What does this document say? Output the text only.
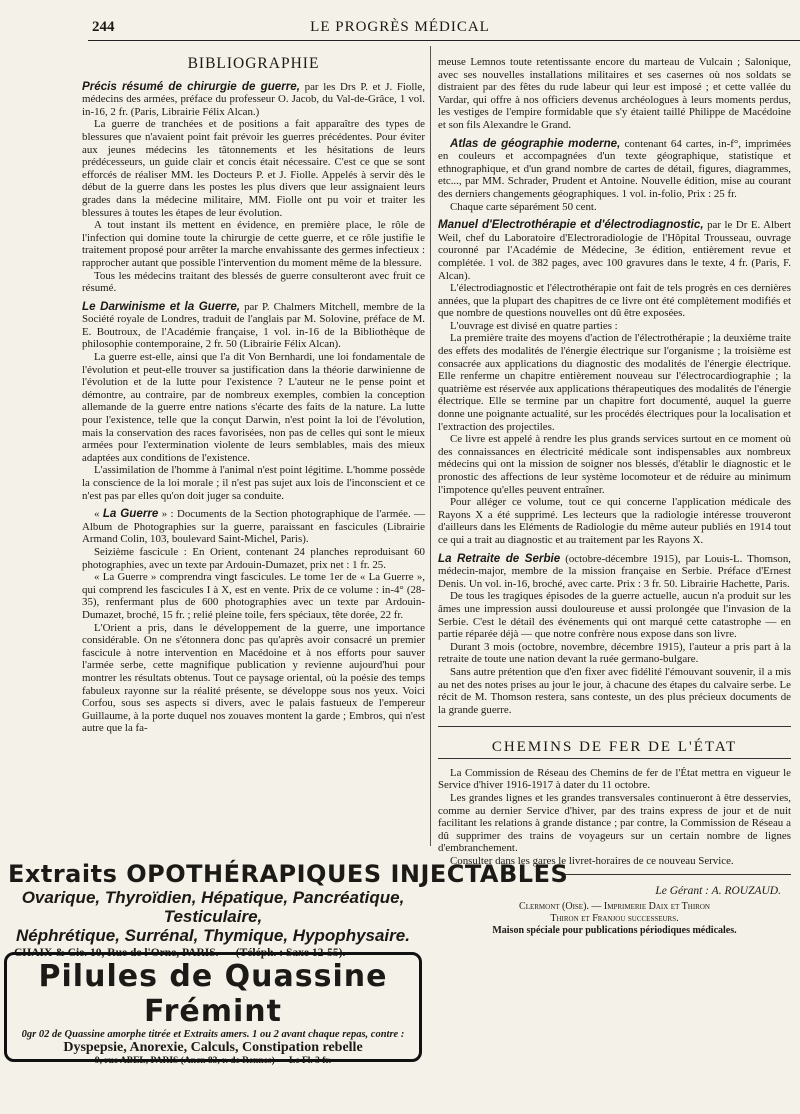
244	LE PROGRÈS MÉDICAL
BIBLIOGRAPHIE

Précis résumé de chirurgie de guerre, par les Drs P. et J. Fiolle, médecins des armées, préface du professeur O. Jacob, du Val-de-Grâce, 1 vol. in-16, 2 fr. (Paris, Librairie Félix Alcan.)

La guerre de tranchées et de positions a fait apparaître des types de blessures que n'avaient point fait prévoir les guerres précédentes. Pour éviter aux jeunes médecins les tâtonnements et les hésitations de leurs prédécesseurs, un guide clair et concis était nécessaire. C'est ce que se sont efforcés de réaliser MM. les Docteurs P. et J. Fiolle. Appelés à servir dès le début de la guerre dans les postes les plus divers que leur assignaient leurs grades dans la médecine militaire, MM. Fiolle ont pu voir et traiter les blessures à toutes les étapes de leur évolution.

A tout instant ils mettent en évidence, en première place, le rôle de l'infection qui domine toute la chirurgie de cette guerre, et ce rôle justifie le traitement proposé pour arrêter la marche envahissante des germes infectieux : rapprocher autant que possible l'intervention du moment même de la blessure.

Tous les médecins traitant des blessés de guerre consulteront avec fruit ce résumé.

Le Darwinisme et la Guerre, par P. Chalmers Mitchell, membre de la Société royale de Londres, traduit de l'anglais par M. Solovine, préface de M. E. Boutroux, de l'Académie française, 1 vol. in-16 de la Bibliothèque de philosophie contemporaine, 2 fr. 50 (Librairie Félix Alcan).

La guerre est-elle, ainsi que l'a dit Von Bernhardi, une loi fondamentale de l'évolution et peut-elle trouver sa justification dans la théorie darwinienne de l'évolution et de la lutte pour l'existence ? L'auteur ne le pense point et démontre, au contraire, par de nombreux exemples, combien la conception allemande de la guerre entre nations s'écarte des faits de la nature. La lutte pour l'existence, telle que la conçut Darwin, n'est point la loi de l'évolution, mais la conservation des races favorisées, non pas de celles qui sont le mieux armées pour l'extermination violente de leurs semblables, mais des mieux adaptées aux conditions de l'existence.

L'assimilation de l'homme à l'animal n'est point légitime. L'homme possède la conscience de la loi morale ; il n'est pas sujet aux lois de l'inconscient et ce n'est pas par elles qu'on doit juger sa conduite.

« La Guerre » : Documents de la Section photographique de l'armée. — Album de Photographies sur la guerre, paraissant en fascicules (Librairie Armand Colin, 103, boulevard Saint-Michel, Paris).

Seizième fascicule : En Orient, contenant 24 planches reproduisant 60 photographies, avec un texte par Ardouin-Dumazet, prix net : 1 fr. 25.

« La Guerre » comprendra vingt fascicules. Le tome 1er de « La Guerre », qui comprend les fascicules I à X, est en vente. Prix de ce volume : in-4° (28-35), renfermant plus de 600 photographies avec un texte par Ardouin-Dumazet, broché, 15 fr. ; relié pleine toile, fers spéciaux, tête dorée, 22 fr.

L'Orient a pris, dans le développement de la guerre, une importance considérable. On ne s'étonnera donc pas qu'après avoir consacré un premier fascicule à notre intervention en Macédoine et à nos efforts pour sauver l'armée serbe, cette magnifique publication y revienne aujourd'hui pour montrer les résultats obtenus. Tout ce paysage oriental, où la poésie des temps fabuleux rayonne sur la réalité présente, se développe sous nos yeux. Voici Corfou, sous ses aspects si divers, avec le palais fastueux de l'empereur Guillaume, à la porte duquel nos zouaves montent la garde ; Embros, qui n'est autre que la fa-

meuse Lemnos toute retentissante encore du marteau de Vulcain ; Salonique, avec ses nouvelles installations militaires et ses casernes où nos soldats se distraient par des fêtes du rude labeur qui leur est imposé ; et cette vallée du Vardar, qui offre à nos officiers devenus archéologues à leurs moments perdus, les vestiges de l'empire formidable que s'y étaient taillé Philippe de Macédoine et son fils Alexandre le Grand.

Atlas de géographie moderne, contenant 64 cartes, in-f°, imprimées en couleurs et accompagnées d'un texte géographique, statistique et ethnographique, et d'un grand nombre de cartes de détail, figures, diagrammes, etc..., par MM. Schrader, Prudent et Antoine. Nouvelle édition, mise au courant des derniers changements géographiques. 1 vol. in-folio, Prix : 25 fr.

Chaque carte séparément 50 cent.

Manuel d'Electrothérapie et d'électrodiagnostic, par le Dr E. Albert Weil, chef du Laboratoire d'Electroradiologie de l'Hôpital Trousseau, ouvrage couronné par l'Académie de Médecine, 3e édition, entièrement revue et complétée. 1 vol. de 382 pages, avec 100 gravures dans le texte, 4 fr. (Paris, F. Alcan).

L'électrodiagnostic et l'électrothérapie ont fait de tels progrès en ces dernières années, que la plupart des chapitres de ce livre ont été complètement modifiés et que nombre de questions nouvelles ont dû être exposées.

L'ouvrage est divisé en quatre parties :

La première traite des moyens d'action de l'électrothérapie ; la deuxième traite des effets des modalités de l'énergie électrique sur l'organisme ; la troisième est consacrée aux applications du diagnostic des modalités de l'énergie électrique. Elle renferme un chapitre entièrement nouveau sur l'électrocardiographie ; la quatrième est réservée aux applications thérapeutiques des modalités de l'énergie électrique. Elle se termine par un chapitre fort documenté, auquel la guerre donne une poignante actualité, sur les procédés électriques pour la localisation et l'extraction des projectiles.

Ce livre est appelé à rendre les plus grands services surtout en ce moment où des connaissances en électricité médicale sont indispensables aux nombreux médecins qui ont la mission de soigner nos blessés, d'établir le diagnostic et le pronostic des affections de leur système locomoteur et de réduire au minimum l'impotence qu'elles peuvent entraîner.

Pour alléger ce volume, tout ce qui concerne l'application médicale des Rayons X a été supprimé. Les lecteurs que la radiologie intéresse trouveront d'ailleurs dans les Eléments de Radiologie du même auteur publiés en 1914 tout ce qui a trait au diagnostic et au traitement par les Rayons X.

La Retraite de Serbie (octobre-décembre 1915), par Louis-L. Thomson, médecin-major, membre de la mission française en Serbie. Préface d'Ernest Denis. Un vol. in-16, broché, avec carte. Prix : 3 fr. 50. Librairie Hachette, Paris.

De tous les tragiques épisodes de la guerre actuelle, aucun n'a produit sur les âmes une impression aussi douloureuse et aussi prolongée que l'invasion de la Serbie. C'est le détail des événements qui ont marqué cette catastrophe — en partie réparée déjà — que notre confrère nous expose dans son livre.

Durant 3 mois (octobre, novembre, décembre 1915), l'auteur a pris part à la retraite de toute une nation devant la ruée germano-bulgare.

Sans autre prétention que d'en fixer avec fidélité l'émouvant souvenir, il a mis au net des notes prises au jour le jour, à chacune des étapes du calvaire serbe. Le récit de M. Thomson restera, sans conteste, un des plus précieux documents de la grande guerre.

CHEMINS DE FER DE L'ÉTAT

La Commission de Réseau des Chemins de fer de l'État mettra en vigueur le Service d'hiver 1916-1917 à dater du 11 octobre.

Les grandes lignes et les grandes transversales continueront à être desservies, comme au dernier Service d'hiver, par des trains express de jour et de nuit facilitant les relations à grande distance ; par contre, la Commission de Réseau a dû supprimer des trains de voyageurs sur un certain nombre de lignes d'embranchement.

Consulter dans les gares le livret-horaires de ce nouveau Service.

Le Gérant : A. ROUZAUD.
Clermont (Oise). — Imprimerie Daix et Thiron
Thiron et Franjou successeurs.
Maison spéciale pour publications périodiques médicales.
Extraits OPOTHÉRAPIQUES INJECTABLES
Ovarique, Thyroïdien, Hépatique, Pancréatique, Testiculaire,
Néphrétique, Surrénal, Thymique, Hypophysaire.
CHAIX & Cie. 10, Rue de l'Orne, PARIS. — (Téléph. : Saxe 12-55).
Pilules de Quassine Frémint
0gr 02 de Quassine amorphe titrée et Extraits amers. 1 ou 2 avant chaque repas, contre :
Dyspepsie, Anorexie, Calculs, Constipation rebelle
9, rue ABEL, PARIS (Ancn 83, r. de Rennes) — Le Fl. 3 fr.
